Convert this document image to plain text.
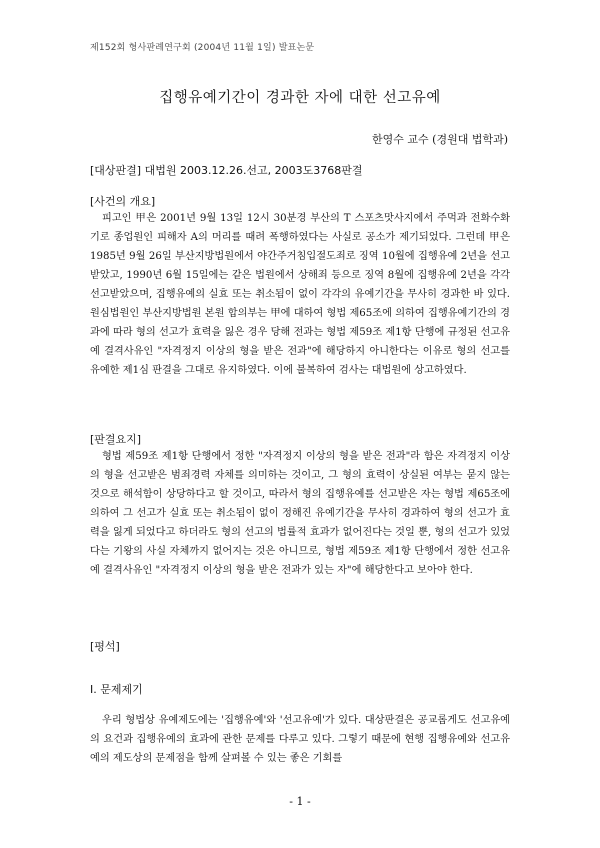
제152회 형사판례연구회 (2004년 11월 1일) 발표논문
집행유예기간이 경과한 자에 대한 선고유예
한영수 교수 (경원대 법학과)
[대상판결] 대법원 2003.12.26.선고, 2003도3768판결
[사건의 개요]

피고인 甲은 2001년 9월 13일 12시 30분경 부산의 T 스포츠맛사지에서 주먹과 전화수화기로 종업원인 피해자 A의 머리를 때려 폭행하였다는 사실로 공소가 제기되었다. 그런데 甲은 1985년 9월 26일 부산지방법원에서 야간주거침입절도죄로 징역 10월에 집행유예 2년을 선고받았고, 1990년 6월 15일에는 같은 법원에서 상해죄 등으로 징역 8월에 집행유예 2년을 각각 선고받았으며, 집행유예의 실효 또는 취소됨이 없이 각각의 유예기간을 무사히 경과한 바 있다. 원심법원인 부산지방법원 본원 합의부는 甲에 대하여 형법 제65조에 의하여 집행유예기간의 경과에 따라 형의 선고가 효력을 잃은 경우 당해 전과는 형법 제59조 제1항 단행에 규정된 선고유예 결격사유인 "자격정지 이상의 형을 받은 전과"에 해당하지 아니한다는 이유로 형의 선고를 유예한 제1심 판결을 그대로 유지하였다. 이에 불복하여 검사는 대법원에 상고하였다.

[판결요지]

형법 제59조 제1항 단행에서 정한 "자격정지 이상의 형을 받은 전과"라 함은 자격정지 이상의 형을 선고받은 범죄경력 자체를 의미하는 것이고, 그 형의 효력이 상실된 여부는 묻지 않는 것으로 해석함이 상당하다고 할 것이고, 따라서 형의 집행유예를 선고받은 자는 형법 제65조에 의하여 그 선고가 실효 또는 취소됨이 없이 정해진 유예기간을 무사히 경과하여 형의 선고가 효력을 잃게 되었다고 하더라도 형의 선고의 법률적 효과가 없어진다는 것일 뿐, 형의 선고가 있었다는 기왕의 사실 자체까지 없어지는 것은 아니므로, 형법 제59조 제1항 단행에서 정한 선고유예 결격사유인 "자격정지 이상의 형을 받은 전과가 있는 자"에 해당한다고 보아야 한다.

[평석]
Ⅰ. 문제제기

우리 형법상 유예제도에는 '집행유예'와 '선고유예'가 있다. 대상판결은 공교롭게도 선고유예의 요건과 집행유예의 효과에 관한 문제를 다루고 있다. 그렇기 때문에 현행 집행유예와 선고유예의 제도상의 문제점을 함께 살펴볼 수 있는 좋은 기회를

- 1 -
